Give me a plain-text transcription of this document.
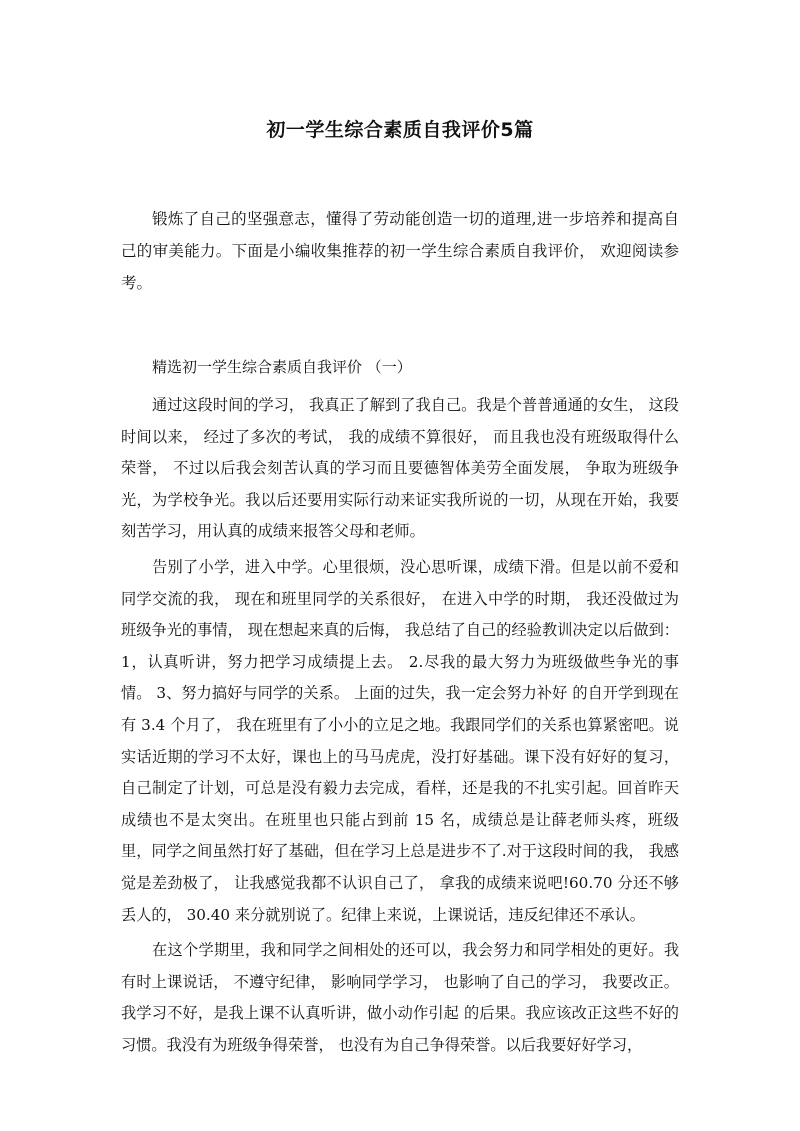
初一学生综合素质自我评价5篇

锻炼了自己的坚强意志，懂得了劳动能创造一切的道理,进一步培养和提高自己的审美能力。下面是小编收集推荐的初一学生综合素质自我评价， 欢迎阅读参考。

精选初一学生综合素质自我评价 （一）

通过这段时间的学习， 我真正了解到了我自己。我是个普普通通的女生， 这段时间以来， 经过了多次的考试， 我的成绩不算很好， 而且我也没有班级取得什么荣誉， 不过以后我会刻苦认真的学习而且要德智体美劳全面发展， 争取为班级争光，为学校争光。我以后还要用实际行动来证实我所说的一切，从现在开始，我要刻苦学习，用认真的成绩来报答父母和老师。

告别了小学，进入中学。心里很烦，没心思听课，成绩下滑。但是以前不爱和同学交流的我， 现在和班里同学的关系很好， 在进入中学的时期， 我还没做过为班级争光的事情， 现在想起来真的后悔， 我总结了自己的经验教训决定以后做到： 1，认真听讲，努力把学习成绩提上去。 2.尽我的最大努力为班级做些争光的事情。 3、努力搞好与同学的关系。 上面的过失，我一定会努力补好 的自开学到现在有 3.4 个月了， 我在班里有了小小的立足之地。我跟同学们的关系也算紧密吧。说实话近期的学习不太好，课也上的马马虎虎，没打好基础。课下没有好好的复习，自己制定了计划，可总是没有毅力去完成，看样，还是我的不扎实引起。回首昨天成绩也不是太突出。在班里也只能占到前 15 名，成绩总是让薛老师头疼，班级里，同学之间虽然打好了基础，但在学习上总是进步不了.对于这段时间的我， 我感觉是差劲极了， 让我感觉我都不认识自己了， 拿我的成绩来说吧!60.70 分还不够丢人的， 30.40 来分就别说了。纪律上来说，上课说话，违反纪律还不承认。

在这个学期里，我和同学之间相处的还可以，我会努力和同学相处的更好。我有时上课说话， 不遵守纪律， 影响同学学习， 也影响了自己的学习， 我要改正。我学习不好，是我上课不认真听讲，做小动作引起 的后果。我应该改正这些不好的习惯。我没有为班级争得荣誉， 也没有为自己争得荣誉。以后我要好好学习，
